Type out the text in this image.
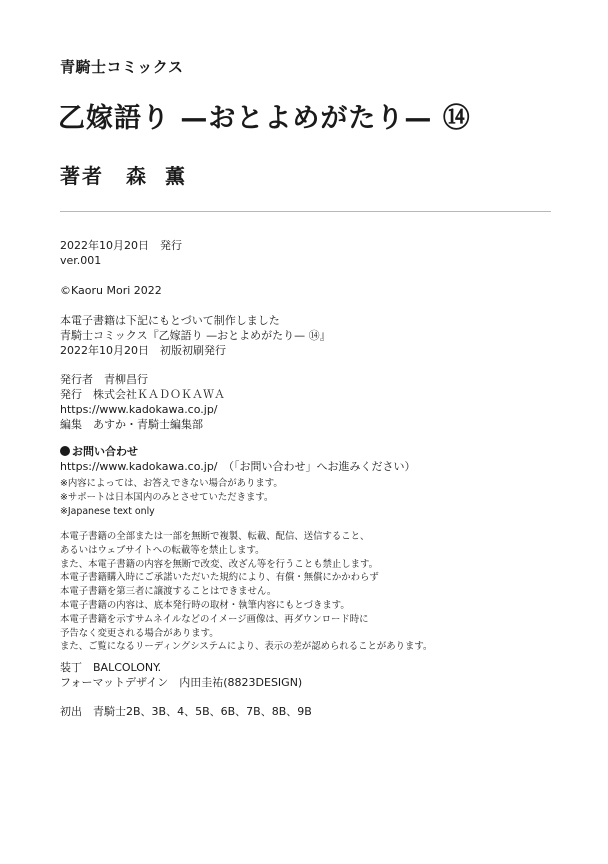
青騎士コミックス
乙嫁語り —おとよめがたり— ⑭
著者 森 薫
2022年10月20日　発行
ver.001
©Kaoru Mori 2022
本電子書籍は下記にもとづいて制作しました
青騎士コミックス『乙嫁語り —おとよめがたり— ⑭』
2022年10月20日　初版初刷発行
発行者　青柳昌行
発行　株式会社ＫＡＤＯＫＡＷＡ
https://www.kadokawa.co.jp/
編集　あすか・青騎士編集部
お問い合わせ
https://www.kadokawa.co.jp/　（「お問い合わせ」へお進みください）
※内容によっては、お答えできない場合があります。
※サポートは日本国内のみとさせていただきます。
※Japanese text only
本電子書籍の全部または一部を無断で複製、転載、配信、送信すること、
あるいはウェブサイトへの転載等を禁止します。
また、本電子書籍の内容を無断で改変、改ざん等を行うことも禁止します。
本電子書籍購入時にご承諾いただいた規約により、有償・無償にかかわらず
本電子書籍を第三者に譲渡することはできません。
本電子書籍の内容は、底本発行時の取材・執筆内容にもとづきます。
本電子書籍を示すサムネイルなどのイメージ画像は、再ダウンロード時に
予告なく変更される場合があります。
また、ご覧になるリーディングシステムにより、表示の差が認められることがあります。
装丁　BALCOLONY.
フォーマットデザイン　内田圭祐(8823DESIGN)
初出　青騎士2B、3B、4、5B、6B、7B、8B、9B
